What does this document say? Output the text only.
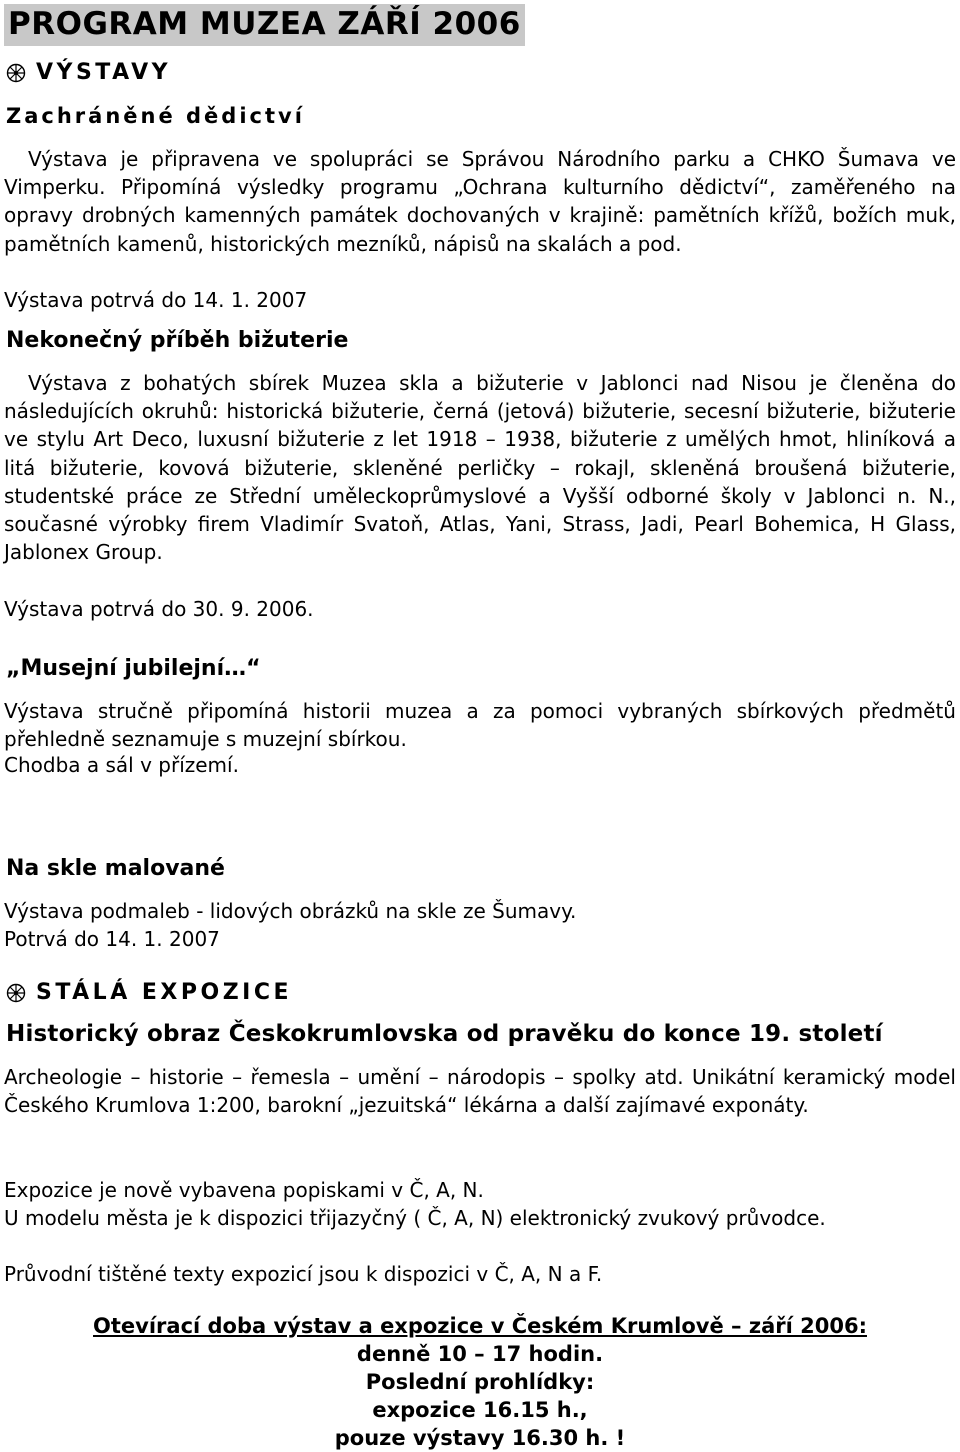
PROGRAM MUZEA ZÁŘÍ 2006
VÝSTAVY
Zachráněné dědictví

Výstava je připravena ve spolupráci se Správou Národního parku a CHKO Šumava ve Vimperku. Připomíná výsledky programu „Ochrana kulturního dědictví“, zaměřeného na opravy drobných kamenných památek dochovaných v krajině: pamětních křížů, božích muk, pamětních kamenů, historických mezníků, nápisů na skalách a pod.

Výstava potrvá do 14. 1. 2007

Nekonečný příběh bižuterie

Výstava z bohatých sbírek Muzea skla a bižuterie v Jablonci nad Nisou je členěna do následujících okruhů: historická bižuterie, černá (jetová) bižuterie, secesní bižuterie, bižuterie ve stylu Art Deco, luxusní bižuterie z let 1918 – 1938, bižuterie z umělých hmot, hliníková a litá bižuterie, kovová bižuterie, skleněné perličky – rokajl, skleněná broušená bižuterie, studentské práce ze Střední uměleckoprůmyslové a Vyšší odborné školy v Jablonci n. N., současné výrobky firem Vladimír Svatoň, Atlas, Yani, Strass, Jadi, Pearl Bohemica, H Glass, Jablonex Group.

Výstava potrvá do 30. 9. 2006.

„Musejní jubilejní…“

Výstava stručně připomíná historii muzea a za pomoci vybraných sbírkových předmětů přehledně seznamuje s muzejní sbírkou.

Chodba a sál v přízemí.

Na skle malované

Výstava podmaleb - lidových obrázků na skle ze Šumavy.

Potrvá do 14. 1. 2007

STÁLÁ EXPOZICE
Historický obraz Českokrumlovska od pravěku do konce 19. století

Archeologie – historie – řemesla – umění – národopis – spolky atd. Unikátní keramický model Českého Krumlova 1:200, barokní „jezuitská“ lékárna a další zajímavé exponáty.

Expozice je nově vybavena popiskami v Č, A, N.

U modelu města je k dispozici třijazyčný ( Č, A, N) elektronický zvukový průvodce.

Průvodní tištěné texty expozicí jsou k dispozici v Č, A, N a F.

Otevírací doba výstav a expozice v Českém Krumlově – září 2006:
denně 10 – 17 hodin.
Poslední prohlídky:
expozice 16.15 h.,
pouze výstavy 16.30 h. !
